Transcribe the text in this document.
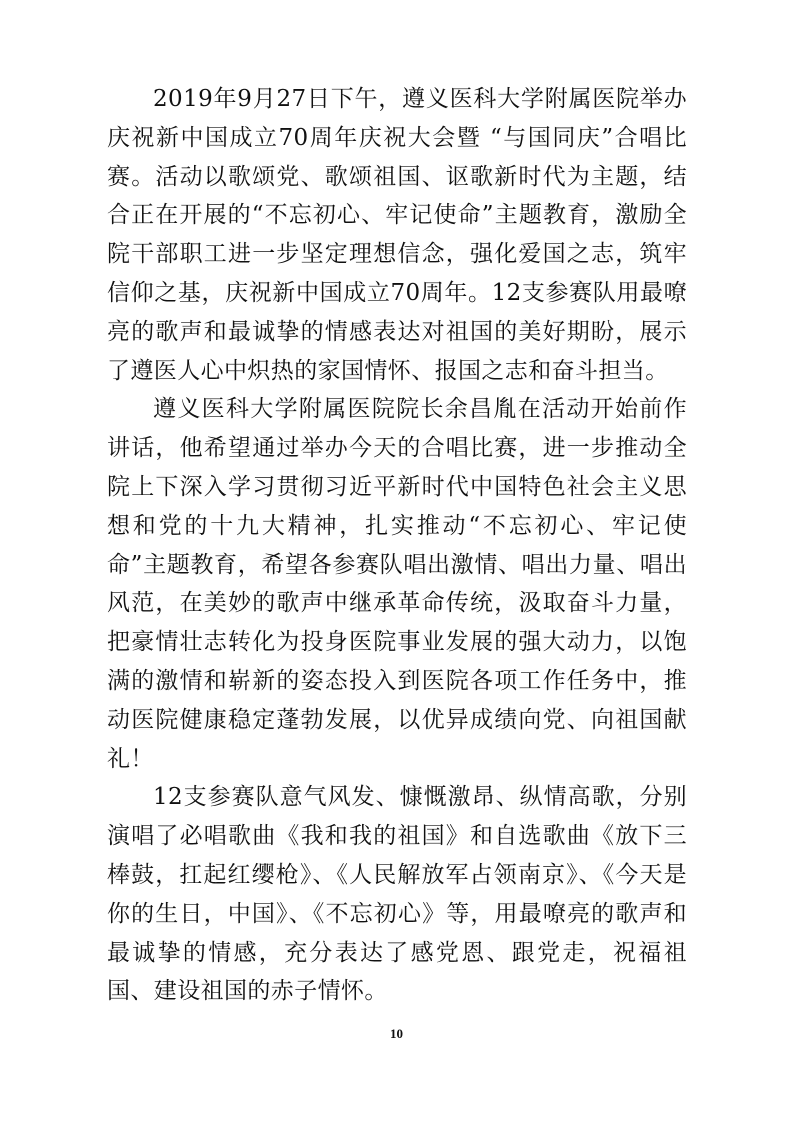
2019年9月27日下午，遵义医科大学附属医院举办庆祝新中国成立70周年庆祝大会暨 “与国同庆”合唱比赛。活动以歌颂党、歌颂祖国、讴歌新时代为主题，结合正在开展的“不忘初心、牢记使命”主题教育，激励全院干部职工进一步坚定理想信念，强化爱国之志，筑牢信仰之基，庆祝新中国成立70周年。12支参赛队用最嘹亮的歌声和最诚挚的情感表达对祖国的美好期盼，展示了遵医人心中炽热的家国情怀、报国之志和奋斗担当。

遵义医科大学附属医院院长余昌胤在活动开始前作讲话，他希望通过举办今天的合唱比赛，进一步推动全院上下深入学习贯彻习近平新时代中国特色社会主义思想和党的十九大精神，扎实推动“不忘初心、牢记使命”主题教育，希望各参赛队唱出激情、唱出力量、唱出风范，在美妙的歌声中继承革命传统，汲取奋斗力量，把豪情壮志转化为投身医院事业发展的强大动力，以饱满的激情和崭新的姿态投入到医院各项工作任务中，推动医院健康稳定蓬勃发展，以优异成绩向党、向祖国献礼！

12支参赛队意气风发、慷慨激昂、纵情高歌，分别演唱了必唱歌曲《我和我的祖国》和自选歌曲《放下三棒鼓，扛起红缨枪》、《人民解放军占领南京》、《今天是你的生日，中国》、《不忘初心》等，用最嘹亮的歌声和最诚挚的情感，充分表达了感党恩、跟党走，祝福祖国、建设祖国的赤子情怀。

10
